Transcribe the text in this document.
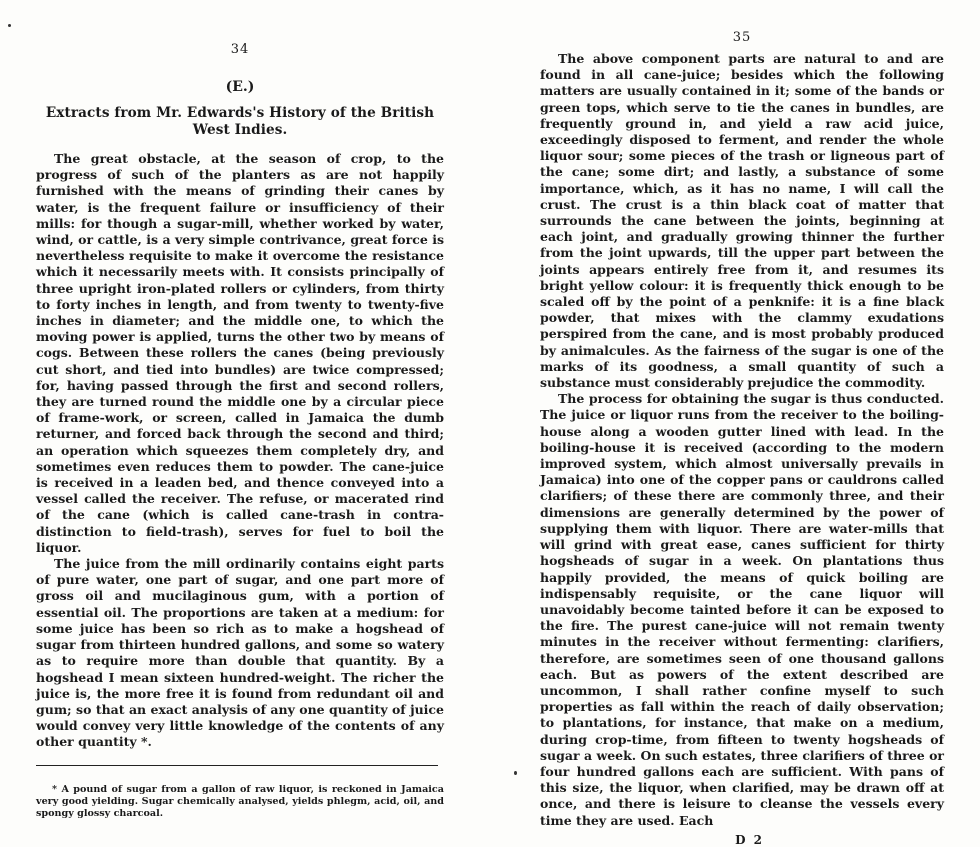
34
(E.)
Extracts from Mr. Edwards's History of the British West Indies.

The great obstacle, at the season of crop, to the progress of such of the planters as are not happily furnished with the means of grinding their canes by water, is the frequent failure or insufficiency of their mills: for though a sugar-mill, whether worked by water, wind, or cattle, is a very simple contrivance, great force is nevertheless requisite to make it overcome the resistance which it necessarily meets with. It consists principally of three upright iron-plated rollers or cylinders, from thirty to forty inches in length, and from twenty to twenty-five inches in diameter; and the middle one, to which the moving power is applied, turns the other two by means of cogs. Between these rollers the canes (being previously cut short, and tied into bundles) are twice compressed; for, having passed through the first and second rollers, they are turned round the middle one by a circular piece of frame-work, or screen, called in Jamaica the dumb returner, and forced back through the second and third; an operation which squeezes them completely dry, and sometimes even reduces them to powder. The cane-juice is received in a leaden bed, and thence conveyed into a vessel called the receiver. The refuse, or macerated rind of the cane (which is called cane-trash in contra-distinction to field-trash), serves for fuel to boil the liquor.

The juice from the mill ordinarily contains eight parts of pure water, one part of sugar, and one part more of gross oil and mucilaginous gum, with a portion of essential oil. The proportions are taken at a medium: for some juice has been so rich as to make a hogshead of sugar from thirteen hundred gallons, and some so watery as to require more than double that quantity. By a hogshead I mean sixteen hundred-weight. The richer the juice is, the more free it is found from redundant oil and gum; so that an exact analysis of any one quantity of juice would convey very little knowledge of the contents of any other quantity *.

* A pound of sugar from a gallon of raw liquor, is reckoned in Jamaica very good yielding. Sugar chemically analysed, yields phlegm, acid, oil, and spongy glossy charcoal.
35

The above component parts are natural to and are found in all cane-juice; besides which the following matters are usually contained in it; some of the bands or green tops, which serve to tie the canes in bundles, are frequently ground in, and yield a raw acid juice, exceedingly disposed to ferment, and render the whole liquor sour; some pieces of the trash or ligneous part of the cane; some dirt; and lastly, a substance of some importance, which, as it has no name, I will call the crust. The crust is a thin black coat of matter that surrounds the cane between the joints, beginning at each joint, and gradually growing thinner the further from the joint upwards, till the upper part between the joints appears entirely free from it, and resumes its bright yellow colour: it is frequently thick enough to be scaled off by the point of a penknife: it is a fine black powder, that mixes with the clammy exudations perspired from the cane, and is most probably produced by animalcules. As the fairness of the sugar is one of the marks of its goodness, a small quantity of such a substance must considerably prejudice the commodity.

The process for obtaining the sugar is thus conducted. The juice or liquor runs from the receiver to the boiling-house along a wooden gutter lined with lead. In the boiling-house it is received (according to the modern improved system, which almost universally prevails in Jamaica) into one of the copper pans or cauldrons called clarifiers; of these there are commonly three, and their dimensions are generally determined by the power of supplying them with liquor. There are water-mills that will grind with great ease, canes sufficient for thirty hogsheads of sugar in a week. On plantations thus happily provided, the means of quick boiling are indispensably requisite, or the cane liquor will unavoidably become tainted before it can be exposed to the fire. The purest cane-juice will not remain twenty minutes in the receiver without fermenting: clarifiers, therefore, are sometimes seen of one thousand gallons each. But as powers of the extent described are uncommon, I shall rather confine myself to such properties as fall within the reach of daily observation; to plantations, for instance, that make on a medium, during crop-time, from fifteen to twenty hogsheads of sugar a week. On such estates, three clarifiers of three or four hundred gallons each are sufficient. With pans of this size, the liquor, when clarified, may be drawn off at once, and there is leisure to cleanse the vessels every time they are used. Each

D 2
